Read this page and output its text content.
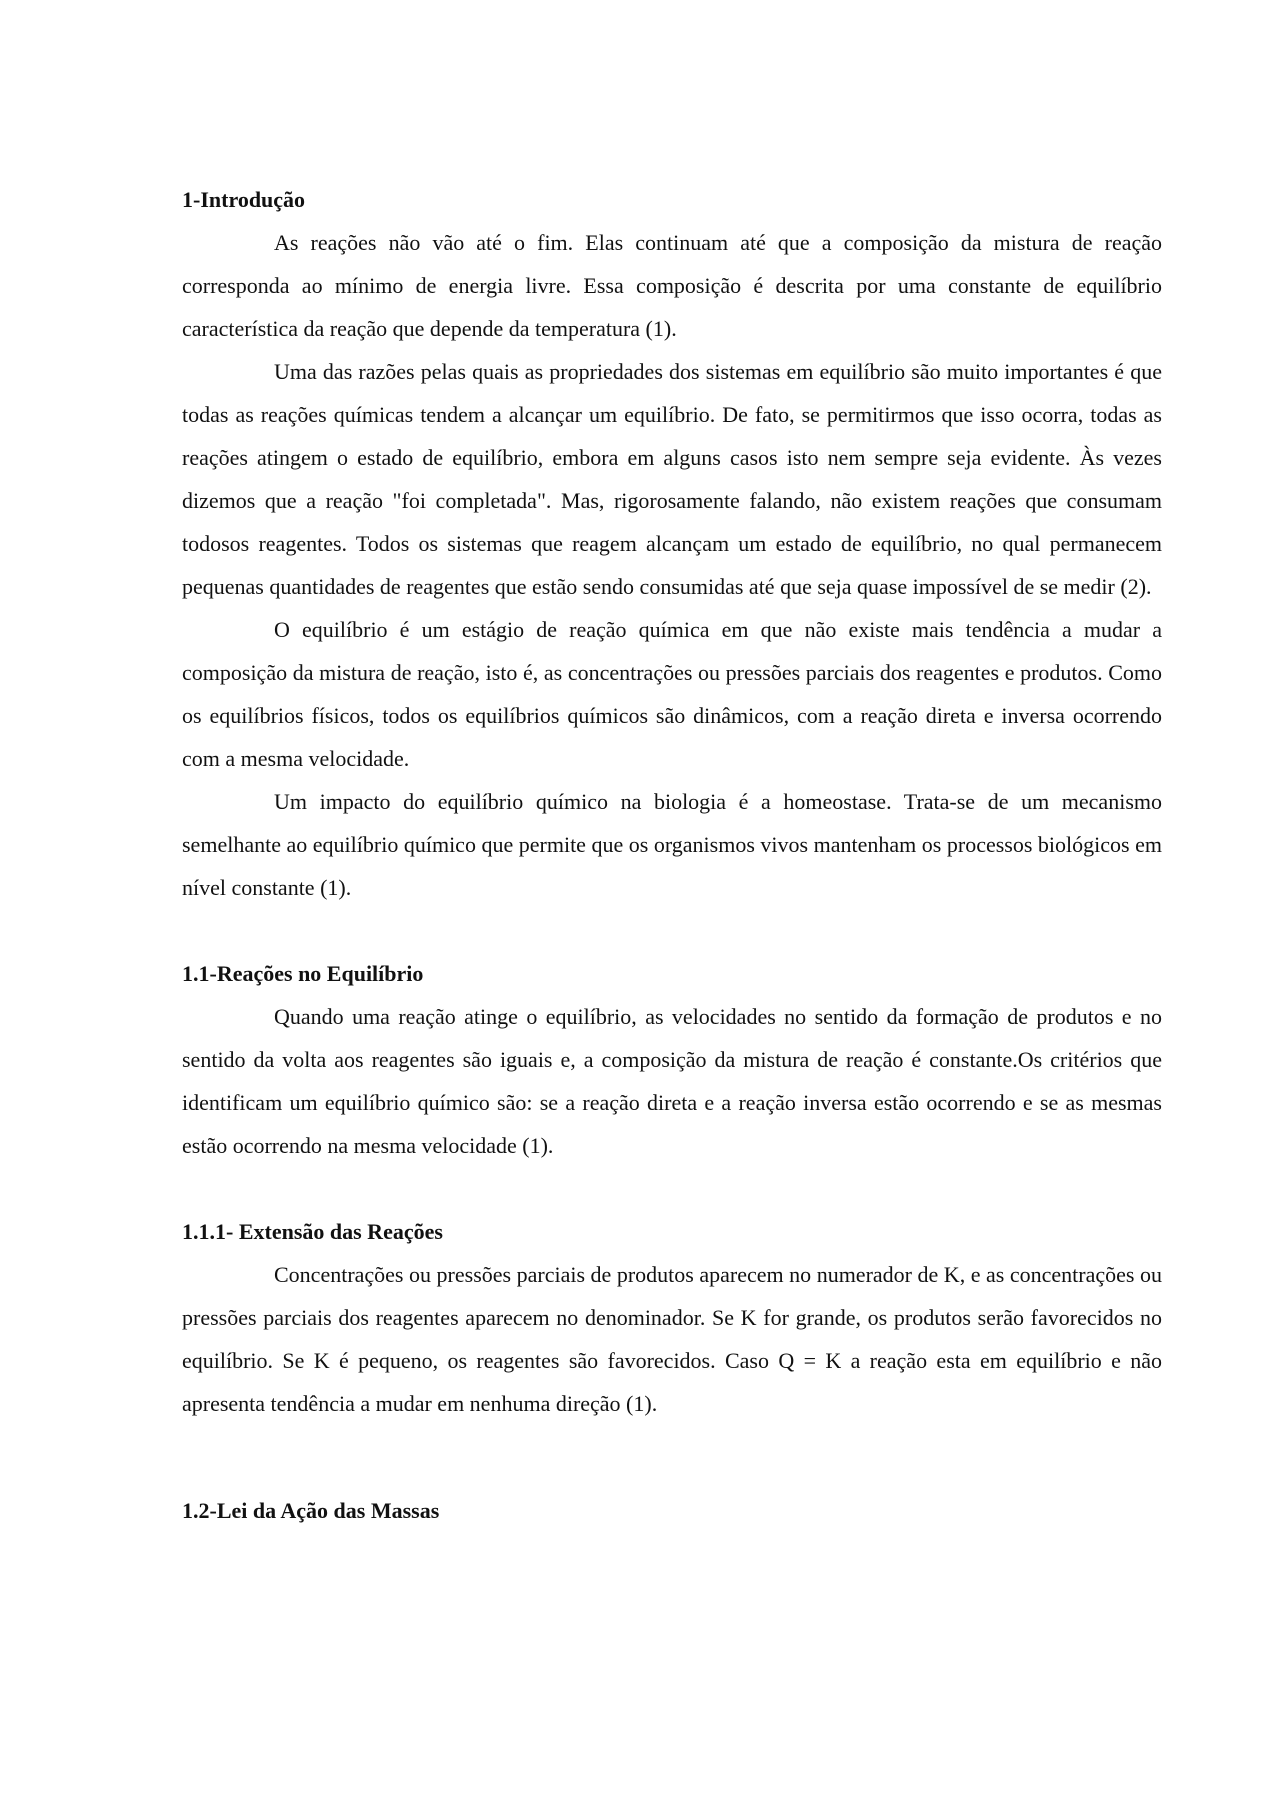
1-Introdução

As reações não vão até o fim. Elas continuam até que a composição da mistura de reação corresponda ao mínimo de energia livre. Essa composição é descrita por uma constante de equilíbrio característica da reação que depende da temperatura (1).

Uma das razões pelas quais as propriedades dos sistemas em equilíbrio são muito importantes é que todas as reações químicas tendem a alcançar um equilíbrio. De fato, se permitirmos que isso ocorra, todas as reações atingem o estado de equilíbrio, embora em alguns casos isto nem sempre seja evidente. Às vezes dizemos que a reação "foi completada". Mas, rigorosamente falando, não existem reações que consumam todosos reagentes. Todos os sistemas que reagem alcançam um estado de equilíbrio, no qual permanecem pequenas quantidades de reagentes que estão sendo consumidas até que seja quase impossível de se medir (2).

O equilíbrio é um estágio de reação química em que não existe mais tendência a mudar a composição da mistura de reação, isto é, as concentrações ou pressões parciais dos reagentes e produtos. Como os equilíbrios físicos, todos os equilíbrios químicos são dinâmicos, com a reação direta e inversa ocorrendo com a mesma velocidade.

Um impacto do equilíbrio químico na biologia é a homeostase. Trata-se de um mecanismo semelhante ao equilíbrio químico que permite que os organismos vivos mantenham os processos biológicos em nível constante (1).

1.1-Reações no Equilíbrio

Quando uma reação atinge o equilíbrio, as velocidades no sentido da formação de produtos e no sentido da volta aos reagentes são iguais e, a composição da mistura de reação é constante.Os critérios que identificam um equilíbrio químico são: se a reação direta e a reação inversa estão ocorrendo e se as mesmas estão ocorrendo na mesma velocidade (1).

1.1.1- Extensão das Reações

Concentrações ou pressões parciais de produtos aparecem no numerador de K, e as concentrações ou pressões parciais dos reagentes aparecem no denominador. Se K for grande, os produtos serão favorecidos no equilíbrio. Se K é pequeno, os reagentes são favorecidos. Caso Q = K a reação esta em equilíbrio e não apresenta tendência a mudar em nenhuma direção (1).

1.2-Lei da Ação das Massas
